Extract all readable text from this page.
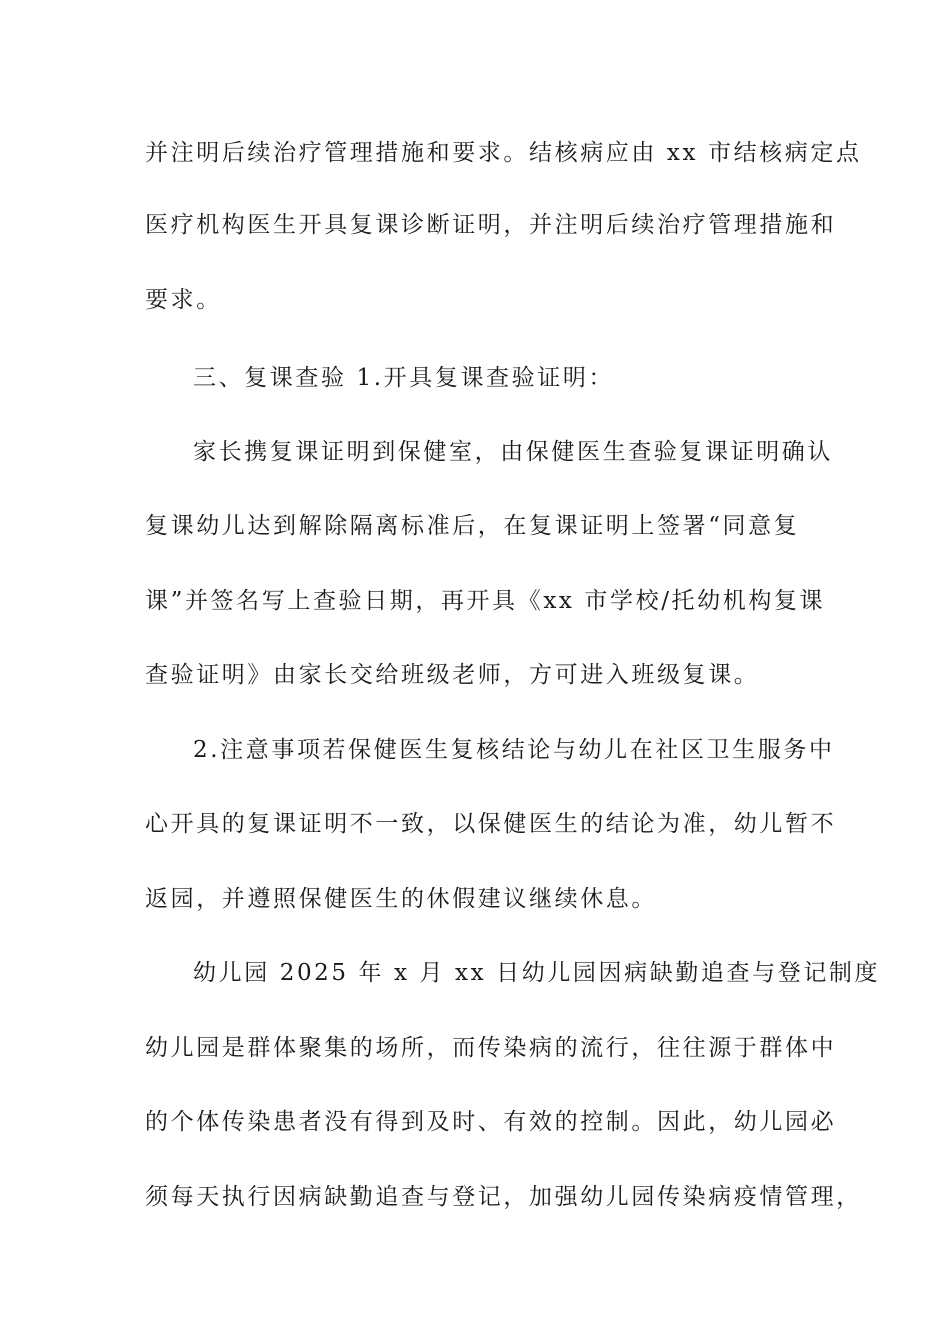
并注明后续治疗管理措施和要求。结核病应由 xx 市结核病定点
医疗机构医生开具复课诊断证明，并注明后续治疗管理措施和
要求。
三、复课查验 1.开具复课查验证明：
家长携复课证明到保健室，由保健医生查验复课证明确认
复课幼儿达到解除隔离标准后，在复课证明上签署“同意复
课”并签名写上查验日期，再开具《xx 市学校/托幼机构复课
查验证明》由家长交给班级老师，方可进入班级复课。
2.注意事项若保健医生复核结论与幼儿在社区卫生服务中
心开具的复课证明不一致，以保健医生的结论为准，幼儿暂不
返园，并遵照保健医生的休假建议继续休息。
幼儿园 2025 年 x 月 xx 日幼儿园因病缺勤追查与登记制度
幼儿园是群体聚集的场所，而传染病的流行，往往源于群体中
的个体传染患者没有得到及时、有效的控制。因此，幼儿园必
须每天执行因病缺勤追查与登记，加强幼儿园传染病疫情管理，
